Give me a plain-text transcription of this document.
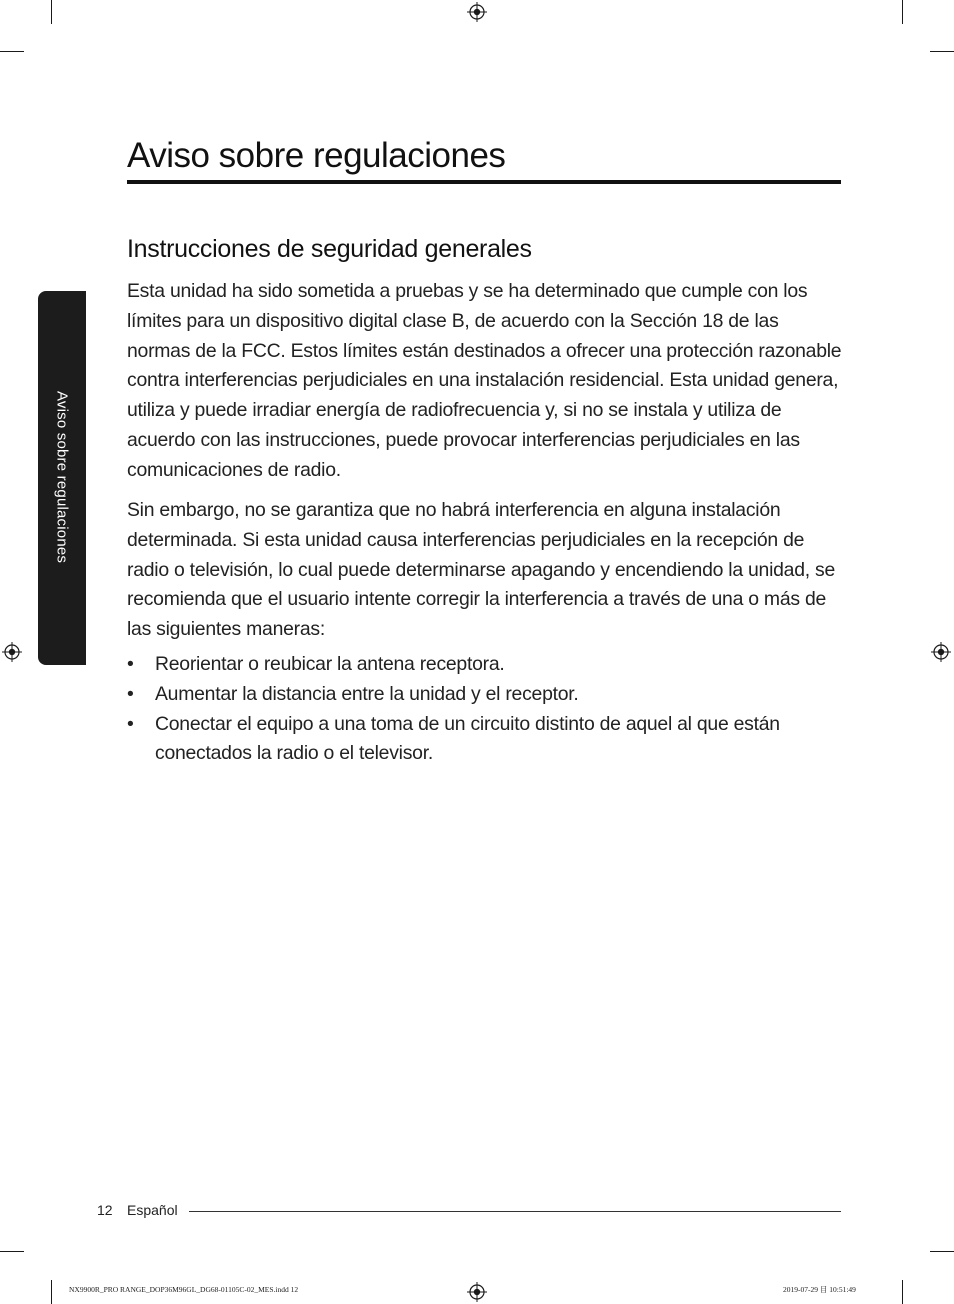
Aviso sobre regulaciones
Aviso sobre regulaciones
Instrucciones de seguridad generales

Esta unidad ha sido sometida a pruebas y se ha determinado que cumple con los límites para un dispositivo digital clase B, de acuerdo con la Sección 18 de las normas de la FCC. Estos límites están destinados a ofrecer una protección razonable contra interferencias perjudiciales en una instalación residencial. Esta unidad genera, utiliza y puede irradiar energía de radiofrecuencia y, si no se instala y utiliza de acuerdo con las instrucciones, puede provocar interferencias perjudiciales en las comunicaciones de radio.

Sin embargo, no se garantiza que no habrá interferencia en alguna instalación determinada. Si esta unidad causa interferencias perjudiciales en la recepción de radio o televisión, lo cual puede determinarse apagando y encendiendo la unidad, se recomienda que el usuario intente corregir la interferencia a través de una o más de las siguientes maneras:

• Reorientar o reubicar la antena receptora.
• Aumentar la distancia entre la unidad y el receptor.
• Conectar el equipo a una toma de un circuito distinto de aquel al que están conectados la radio o el televisor.
12 Español
NX9900R_PRO RANGE_DOP36M96GL_DG68-01105C-02_MES.indd 12	2019-07-29 目 10:51:49
